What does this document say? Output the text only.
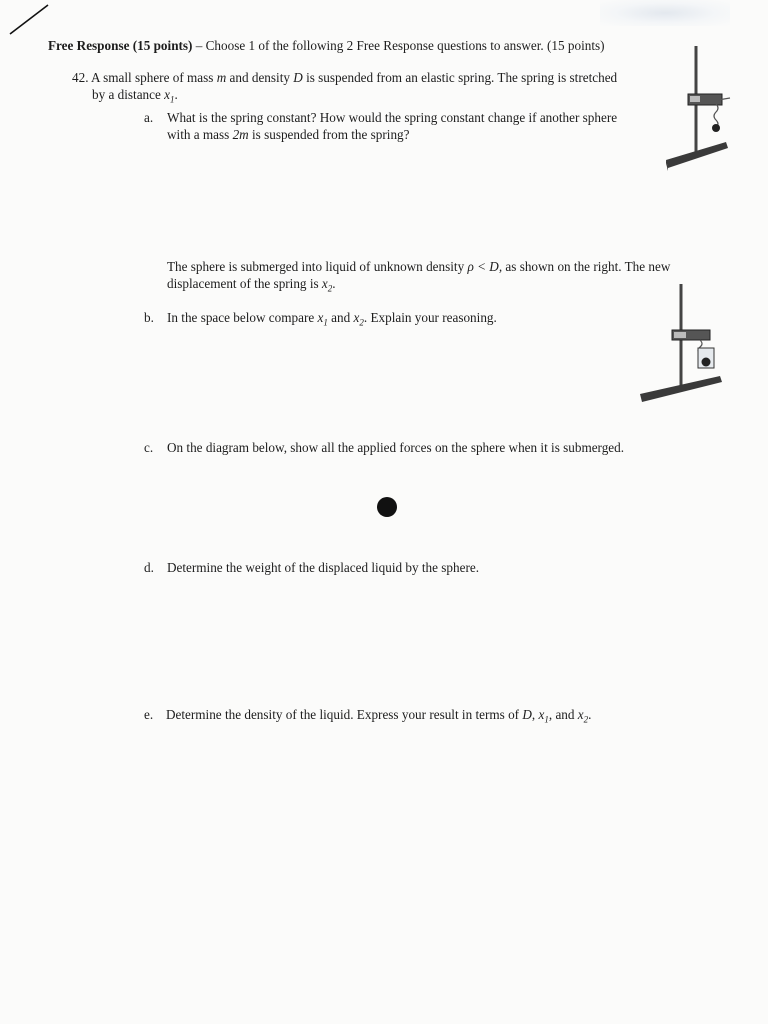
Free Response (15 points) – Choose 1 of the following 2 Free Response questions to answer. (15 points)
42. A small sphere of mass m and density D is suspended from an elastic spring. The spring is stretched
by a distance $x_1$.
a. What is the spring constant? How would the spring constant change if another sphere
with a mass 2m is suspended from the spring?
The sphere is submerged into liquid of unknown density ρ < D, as shown on the right. The new
displacement of the spring is $x_2$.
b. In the space below compare $x_1$ and $x_2$. Explain your reasoning.
c. On the diagram below, show all the applied forces on the sphere when it is submerged.
d. Determine the weight of the displaced liquid by the sphere.
e. Determine the density of the liquid. Express your result in terms of D, $x_1$, and $x_2$.
